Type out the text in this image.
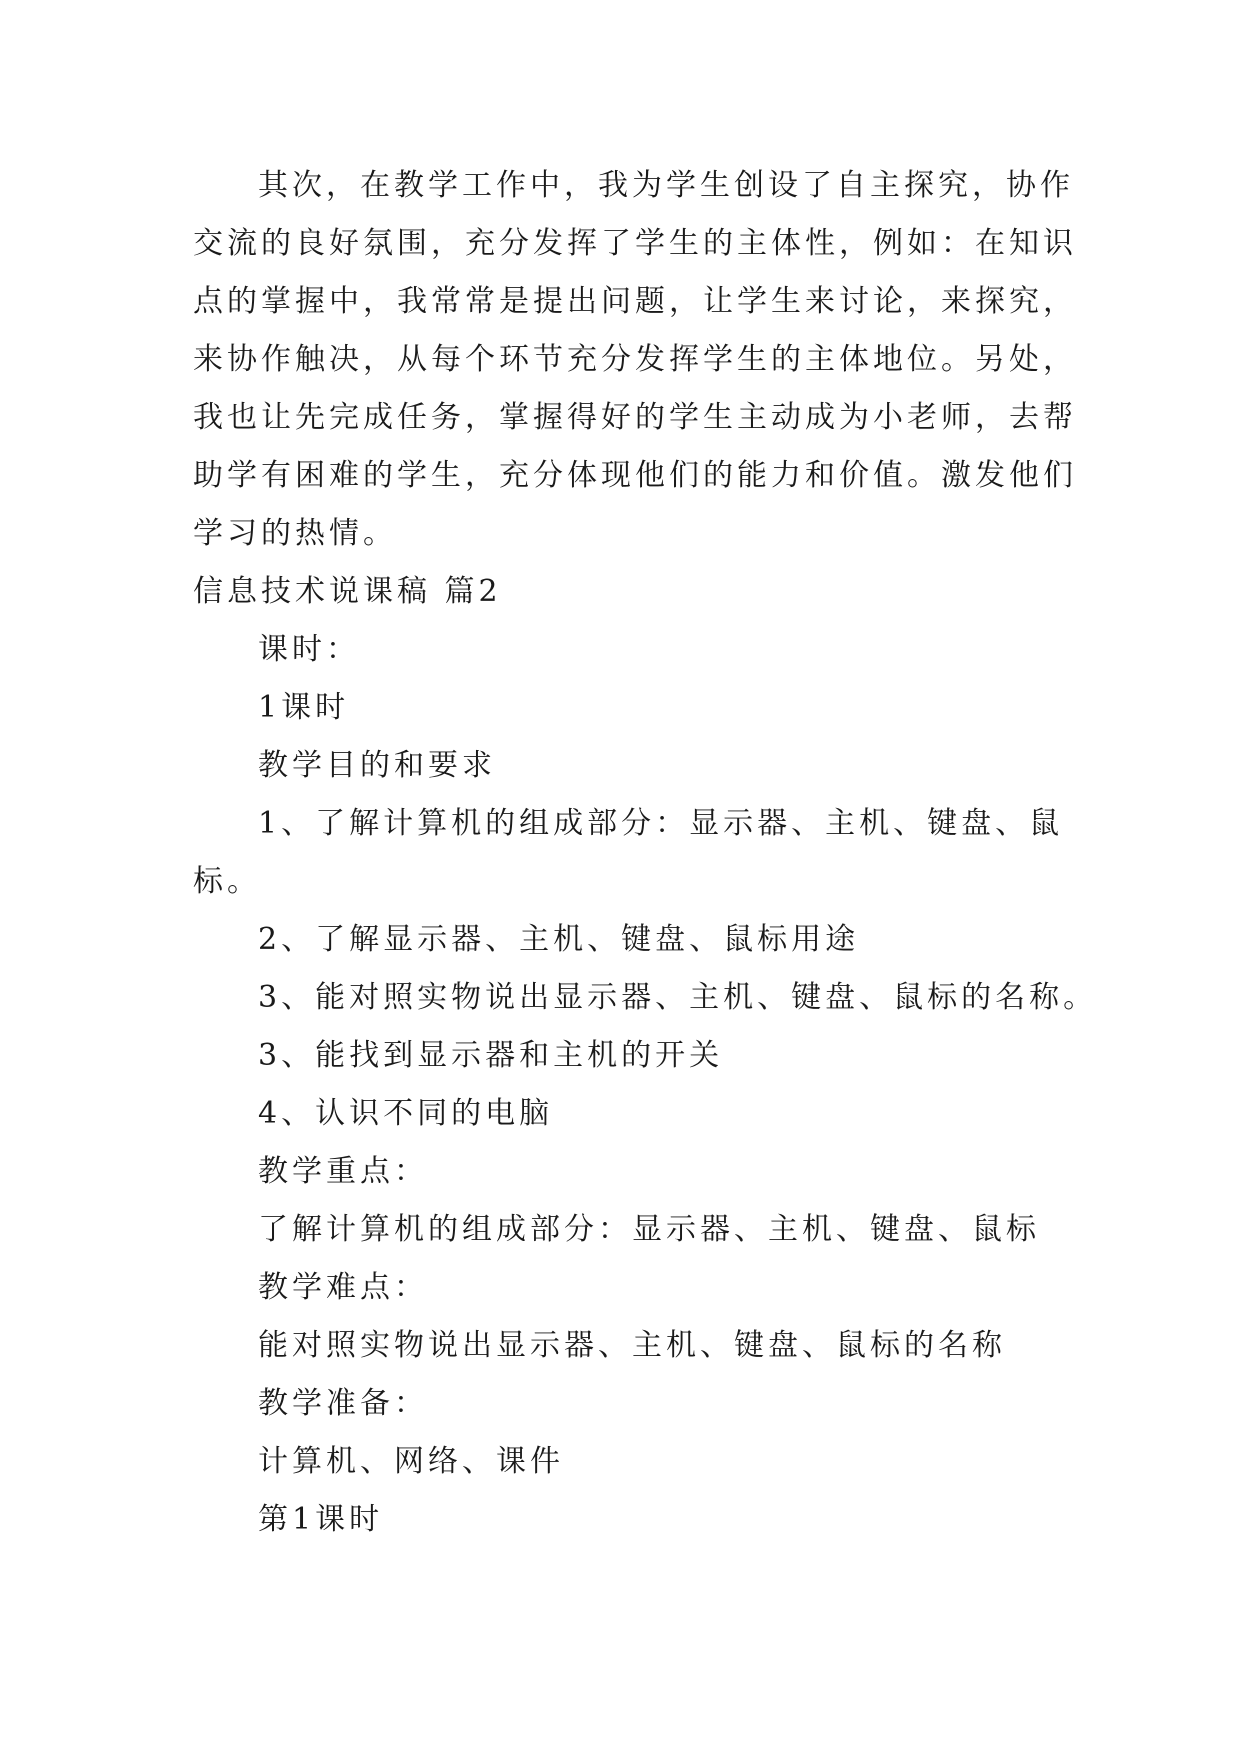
其次，在教学工作中，我为学生创设了自主探究，协作
交流的良好氛围，充分发挥了学生的主体性，例如：在知识
点的掌握中，我常常是提出问题，让学生来讨论，来探究，
来协作触决，从每个环节充分发挥学生的主体地位。另处，
我也让先完成任务，掌握得好的学生主动成为小老师，去帮
助学有困难的学生，充分体现他们的能力和价值。激发他们
学习的热情。
信息技术说课稿 篇2
课时：
1课时
教学目的和要求
1、了解计算机的组成部分：显示器、主机、键盘、鼠
标。
2、了解显示器、主机、键盘、鼠标用途
3、能对照实物说出显示器、主机、键盘、鼠标的名称。
3、能找到显示器和主机的开关
4、认识不同的电脑
教学重点：
了解计算机的组成部分：显示器、主机、键盘、鼠标
教学难点：
能对照实物说出显示器、主机、键盘、鼠标的名称
教学准备：
计算机、网络、课件
第1课时
